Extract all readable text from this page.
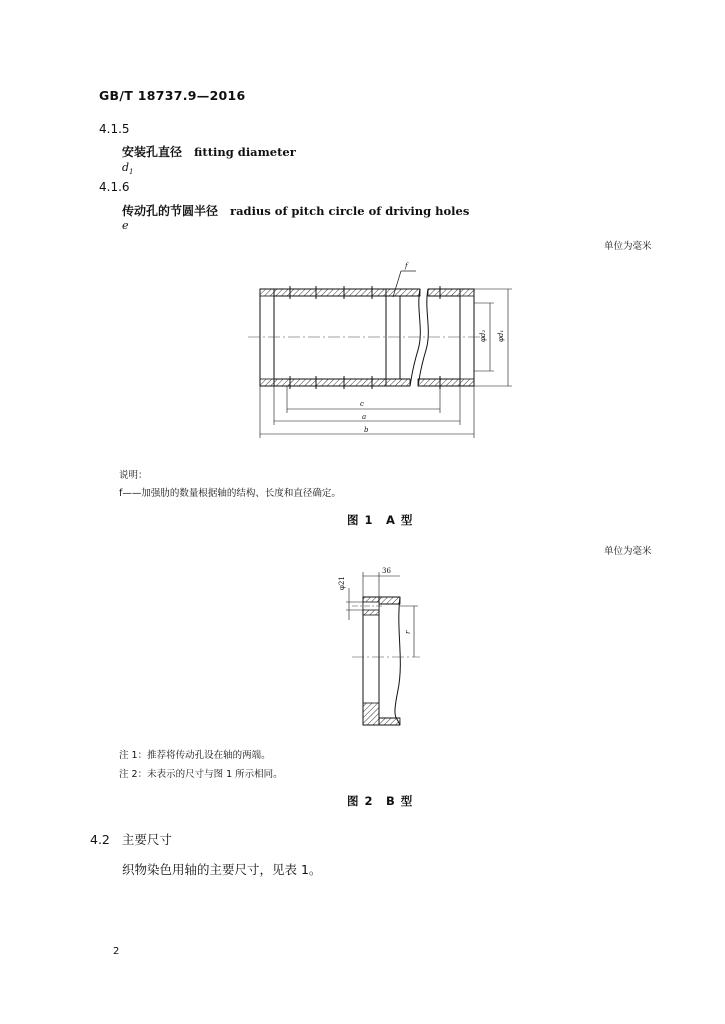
GB/T 18737.9—2016
4.1.5
安装孔直径 fitting diameter
$d_1$
4.1.6
传动孔的节圆半径 radius of pitch circle of driving holes
e
单位为毫米
f
φd₂ φd₁
c
a
b
说明：
f——加强肋的数量根据轴的结构、长度和直径确定。
图 1　A 型
单位为毫米
φ21
36
r
注 1：推荐将传动孔设在轴的两端。
注 2：未表示的尺寸与图 1 所示相同。
图 2　B 型
4.2 主要尺寸
织物染色用轴的主要尺寸，见表 1。
2
